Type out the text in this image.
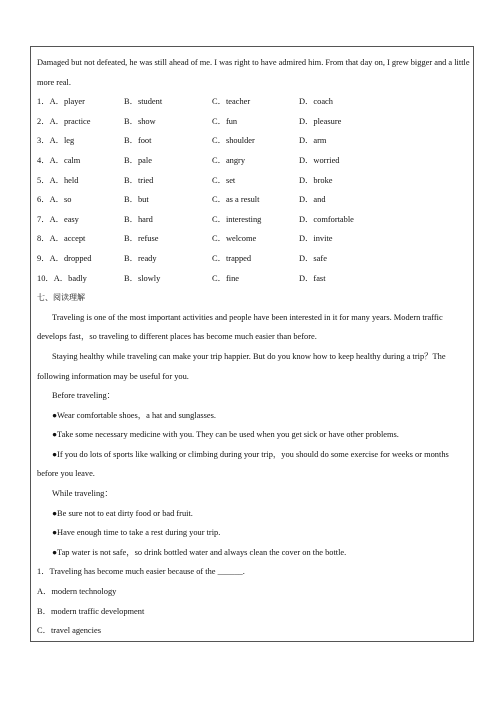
Damaged but not defeated, he was still ahead of me. I was right to have admired him. From that day on, I grew bigger and a little more real.
1．A．player	B．student	C．teacher	D．coach
2．A．practice	B．show	C．fun	D．pleasure
3．A．leg	B．foot	C．shoulder	D．arm
4．A．calm	B．pale	C．angry	D．worried
5．A．held	B．tried	C．set	D．broke
6．A．so	B．but	C．as a result	D．and
7．A．easy	B．hard	C．interesting	D．comfortable
8．A．accept	B．refuse	C．welcome	D．invite
9．A．dropped	B．ready	C．trapped	D．safe
10．A．badly	B．slowly	C．fine	D．fast
七、阅读理解
Traveling is one of the most important activities and people have been interested in it for many years. Modern traffic
develops fast，so traveling to different places has become much easier than before.
Staying healthy while traveling can make your trip happier. But do you know how to keep healthy during a trip？The
following information may be useful for you.
Before traveling：
●Wear comfortable shoes，a hat and sunglasses.
●Take some necessary medicine with you. They can be used when you get sick or have other problems.
●If you do lots of sports like walking or climbing during your trip，you should do some exercise for weeks or months
before you leave.
While traveling：
●Be sure not to eat dirty food or bad fruit.
●Have enough time to take a rest during your trip.
●Tap water is not safe，so drink bottled water and always clean the cover on the bottle.
1．Traveling has become much easier because of the ______.
A．modern technology
B．modern traffic development
C．travel agencies
